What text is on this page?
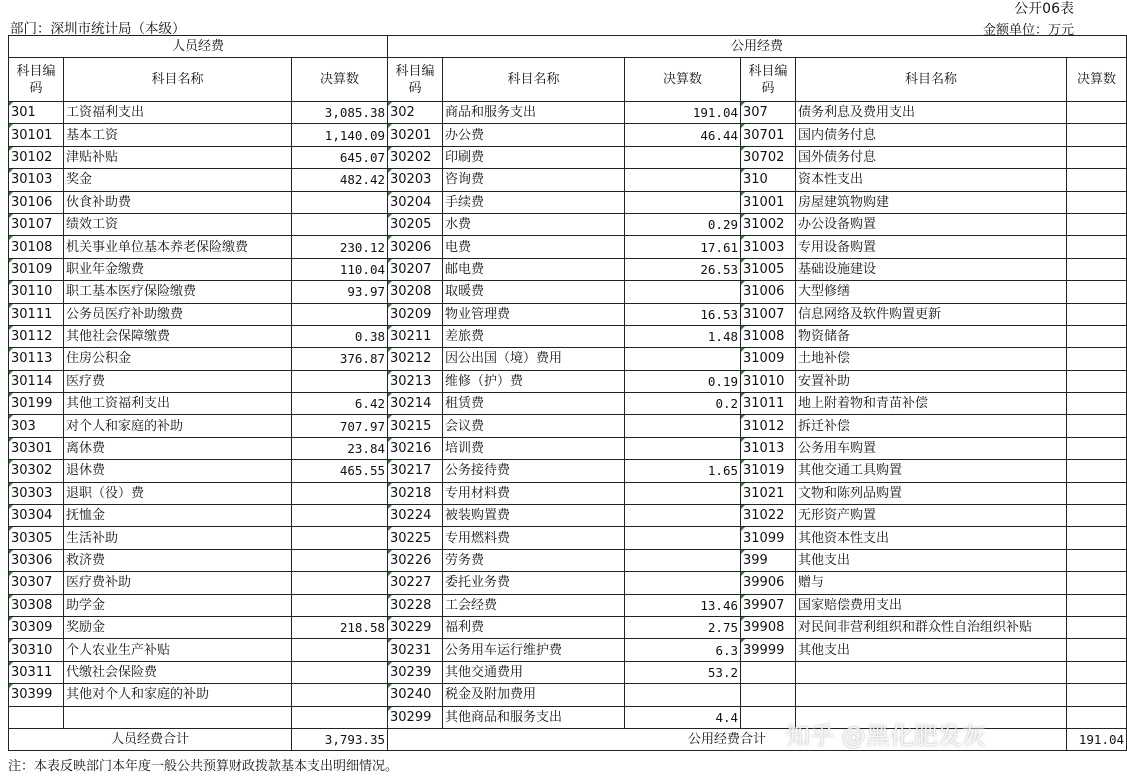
公开06表
部门：深圳市统计局（本级）	金额单位：万元
人员经费			公用经费					
科目编码	科目名称	决算数	科目编码	科目名称	决算数	科目编码	科目名称	决算数
301	工资福利支出	3,085.38	302	商品和服务支出	191.04	307	债务利息及费用支出	
30101	基本工资	1,140.09	30201	办公费	46.44	30701	国内债务付息	
30102	津贴补贴	645.07	30202	印刷费		30702	国外债务付息	
30103	奖金	482.42	30203	咨询费		310	资本性支出	
30106	伙食补助费		30204	手续费		31001	房屋建筑物购建	
30107	绩效工资		30205	水费	0.29	31002	办公设备购置	
30108	机关事业单位基本养老保险缴费	230.12	30206	电费	17.61	31003	专用设备购置	
30109	职业年金缴费	110.04	30207	邮电费	26.53	31005	基础设施建设	
30110	职工基本医疗保险缴费	93.97	30208	取暖费		31006	大型修缮	
30111	公务员医疗补助缴费		30209	物业管理费	16.53	31007	信息网络及软件购置更新	
30112	其他社会保障缴费	0.38	30211	差旅费	1.48	31008	物资储备	
30113	住房公积金	376.87	30212	因公出国（境）费用		31009	土地补偿	
30114	医疗费		30213	维修（护）费	0.19	31010	安置补助	
30199	其他工资福利支出	6.42	30214	租赁费	0.2	31011	地上附着物和青苗补偿	
303	对个人和家庭的补助	707.97	30215	会议费		31012	拆迁补偿	
30301	离休费	23.84	30216	培训费		31013	公务用车购置	
30302	退休费	465.55	30217	公务接待费	1.65	31019	其他交通工具购置	
30303	退职（役）费		30218	专用材料费		31021	文物和陈列品购置	
30304	抚恤金		30224	被装购置费		31022	无形资产购置	
30305	生活补助		30225	专用燃料费		31099	其他资本性支出	
30306	救济费		30226	劳务费		399	其他支出	
30307	医疗费补助		30227	委托业务费		39906	赠与	
30308	助学金		30228	工会经费	13.46	39907	国家赔偿费用支出	
30309	奖励金	218.58	30229	福利费	2.75	39908	对民间非营利组织和群众性自治组织补贴	
30310	个人农业生产补贴		30231	公务用车运行维护费	6.3	39999	其他支出	
30311	代缴社会保险费		30239	其他交通费用	53.2			
30399	其他对个人和家庭的补助		30240	税金及附加费用				
			30299	其他商品和服务支出	4.4			
人员经费合计		3,793.35	公用经费合计					191.04
注：本表反映部门本年度一般公共预算财政拨款基本支出明细情况。
知乎 @黑化肥发灰
